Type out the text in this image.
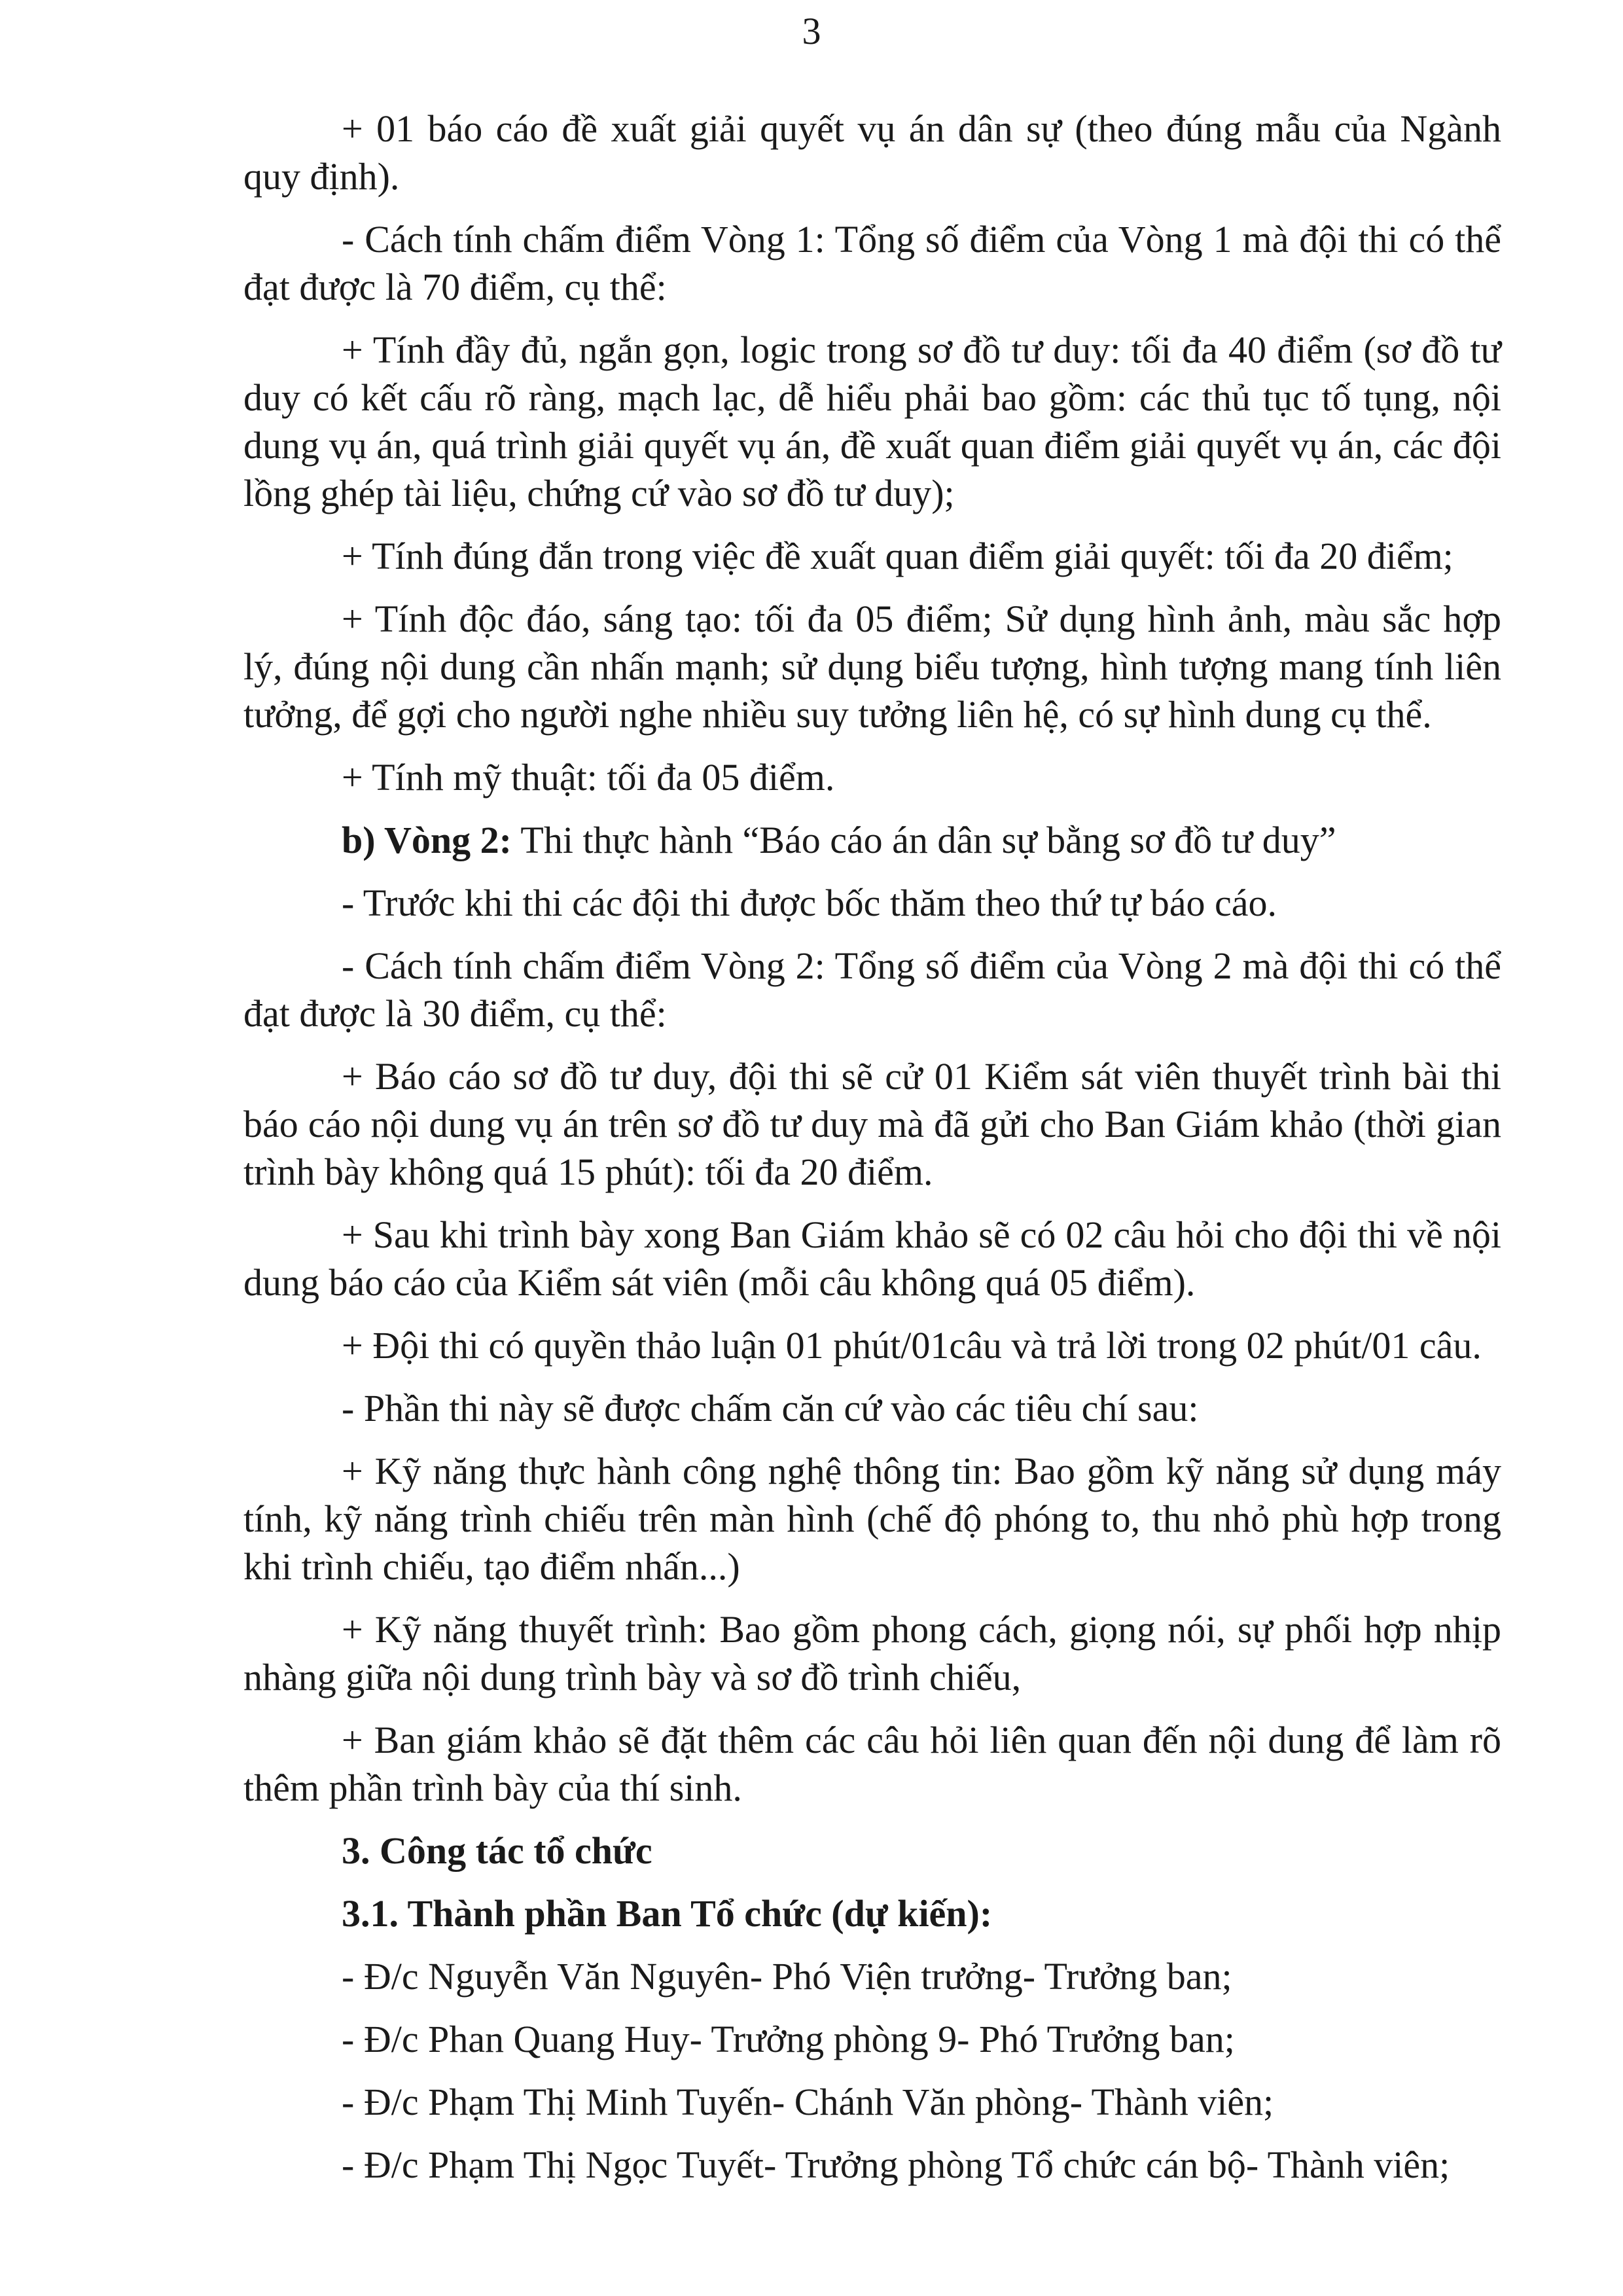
3

+ 01 báo cáo đề xuất giải quyết vụ án dân sự (theo đúng mẫu của Ngành quy định).

- Cách tính chấm điểm Vòng 1: Tổng số điểm của Vòng 1 mà đội thi có thể đạt được là 70 điểm, cụ thể:

+ Tính đầy đủ, ngắn gọn, logic trong sơ đồ tư duy: tối đa 40 điểm (sơ đồ tư duy có kết cấu rõ ràng, mạch lạc, dễ hiểu phải bao gồm: các thủ tục tố tụng, nội dung vụ án, quá trình giải quyết vụ án, đề xuất quan điểm giải quyết vụ án, các đội lồng ghép tài liệu, chứng cứ vào sơ đồ tư duy);

+ Tính đúng đắn trong việc đề xuất quan điểm giải quyết: tối đa 20 điểm;

+ Tính độc đáo, sáng tạo: tối đa 05 điểm; Sử dụng hình ảnh, màu sắc hợp lý, đúng nội dung cần nhấn mạnh; sử dụng biểu tượng, hình tượng mang tính liên tưởng, để gợi cho người nghe nhiều suy tưởng liên hệ, có sự hình dung cụ thể.

+ Tính mỹ thuật: tối đa 05 điểm.

b) Vòng 2: Thi thực hành “Báo cáo án dân sự bằng sơ đồ tư duy”

- Trước khi thi các đội thi được bốc thăm theo thứ tự báo cáo.

- Cách tính chấm điểm Vòng 2: Tổng số điểm của Vòng 2 mà đội thi có thể đạt được là 30 điểm, cụ thể:

+ Báo cáo sơ đồ tư duy, đội thi sẽ cử 01 Kiểm sát viên thuyết trình bài thi báo cáo nội dung vụ án trên sơ đồ tư duy mà đã gửi cho Ban Giám khảo (thời gian trình bày không quá 15 phút): tối đa 20 điểm.

+ Sau khi trình bày xong Ban Giám khảo sẽ có 02 câu hỏi cho đội thi về nội dung báo cáo của Kiểm sát viên (mỗi câu không quá 05 điểm).

+ Đội thi có quyền thảo luận 01 phút/01câu và trả lời trong 02 phút/01 câu.

- Phần thi này sẽ được chấm căn cứ vào các tiêu chí sau:

+ Kỹ năng thực hành công nghệ thông tin: Bao gồm kỹ năng sử dụng máy tính, kỹ năng trình chiếu trên màn hình (chế độ phóng to, thu nhỏ phù hợp trong khi trình chiếu, tạo điểm nhấn...)

+ Kỹ năng thuyết trình: Bao gồm phong cách, giọng nói, sự phối hợp nhịp nhàng giữa nội dung trình bày và sơ đồ trình chiếu,

+ Ban giám khảo sẽ đặt thêm các câu hỏi liên quan đến nội dung để làm rõ thêm phần trình bày của thí sinh.

3. Công tác tổ chức

3.1. Thành phần Ban Tổ chức (dự kiến):

- Đ/c Nguyễn Văn Nguyên- Phó Viện trưởng- Trưởng ban;

- Đ/c Phan Quang Huy- Trưởng phòng 9- Phó Trưởng ban;

- Đ/c Phạm Thị Minh Tuyến- Chánh Văn phòng- Thành viên;

- Đ/c Phạm Thị Ngọc Tuyết- Trưởng phòng Tổ chức cán bộ- Thành viên;
